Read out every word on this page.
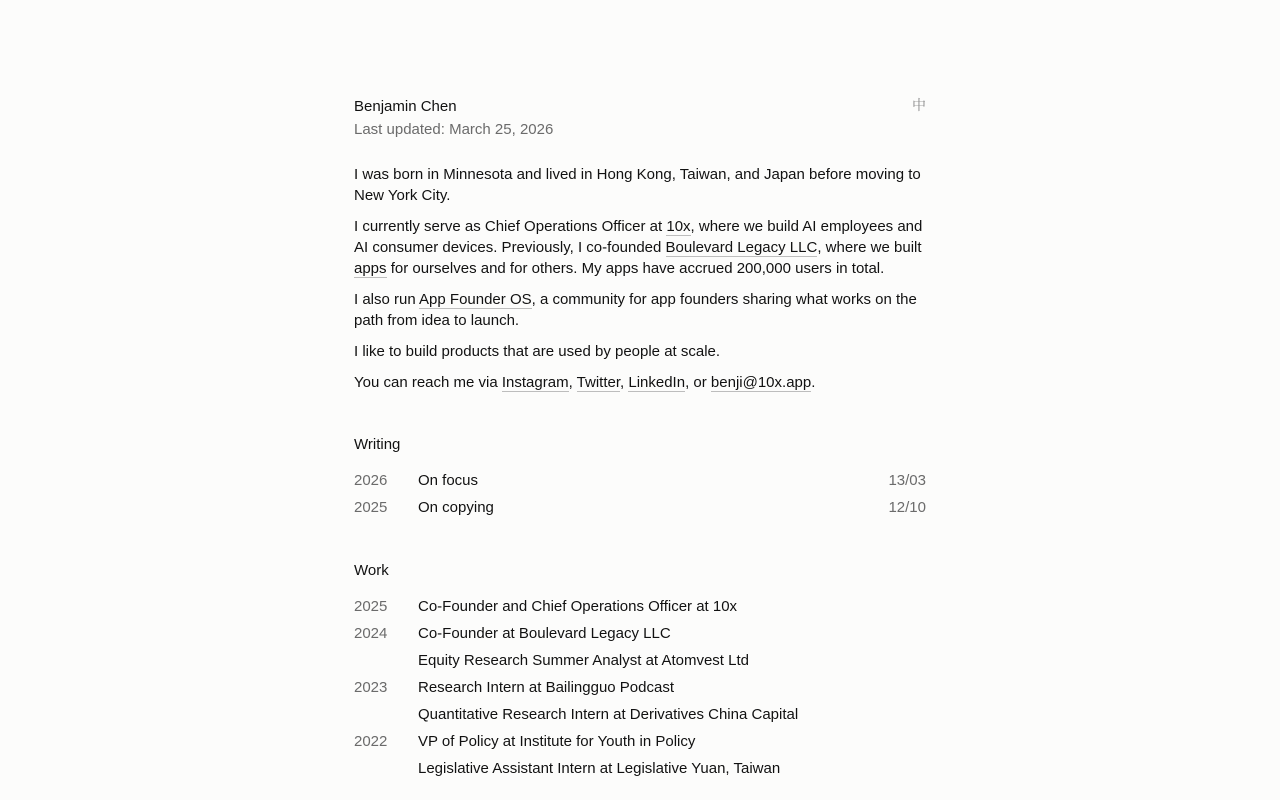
Benjamin Chen
Last updated: March 25, 2026
中

I was born in Minnesota and lived in Hong Kong, Taiwan, and Japan before moving to New York City.

I currently serve as Chief Operations Officer at 10x, where we build AI employees and AI consumer devices. Previously, I co-founded Boulevard Legacy LLC, where we built apps for ourselves and for others. My apps have accrued 200,000 users in total.

I also run App Founder OS, a community for app founders sharing what works on the path from idea to launch.

I like to build products that are used by people at scale.

You can reach me via Instagram, Twitter, LinkedIn, or benji@10x.app.

Writing
2026	On focus	13/03
2025	On copying	12/10
Work
2025	Co-Founder and Chief Operations Officer at 10x
2024	Co-Founder at Boulevard Legacy LLC
Equity Research Summer Analyst at Atomvest Ltd
2023	Research Intern at Bailingguo Podcast
Quantitative Research Intern at Derivatives China Capital
2022	VP of Policy at Institute for Youth in Policy
Legislative Assistant Intern at Legislative Yuan, Taiwan
